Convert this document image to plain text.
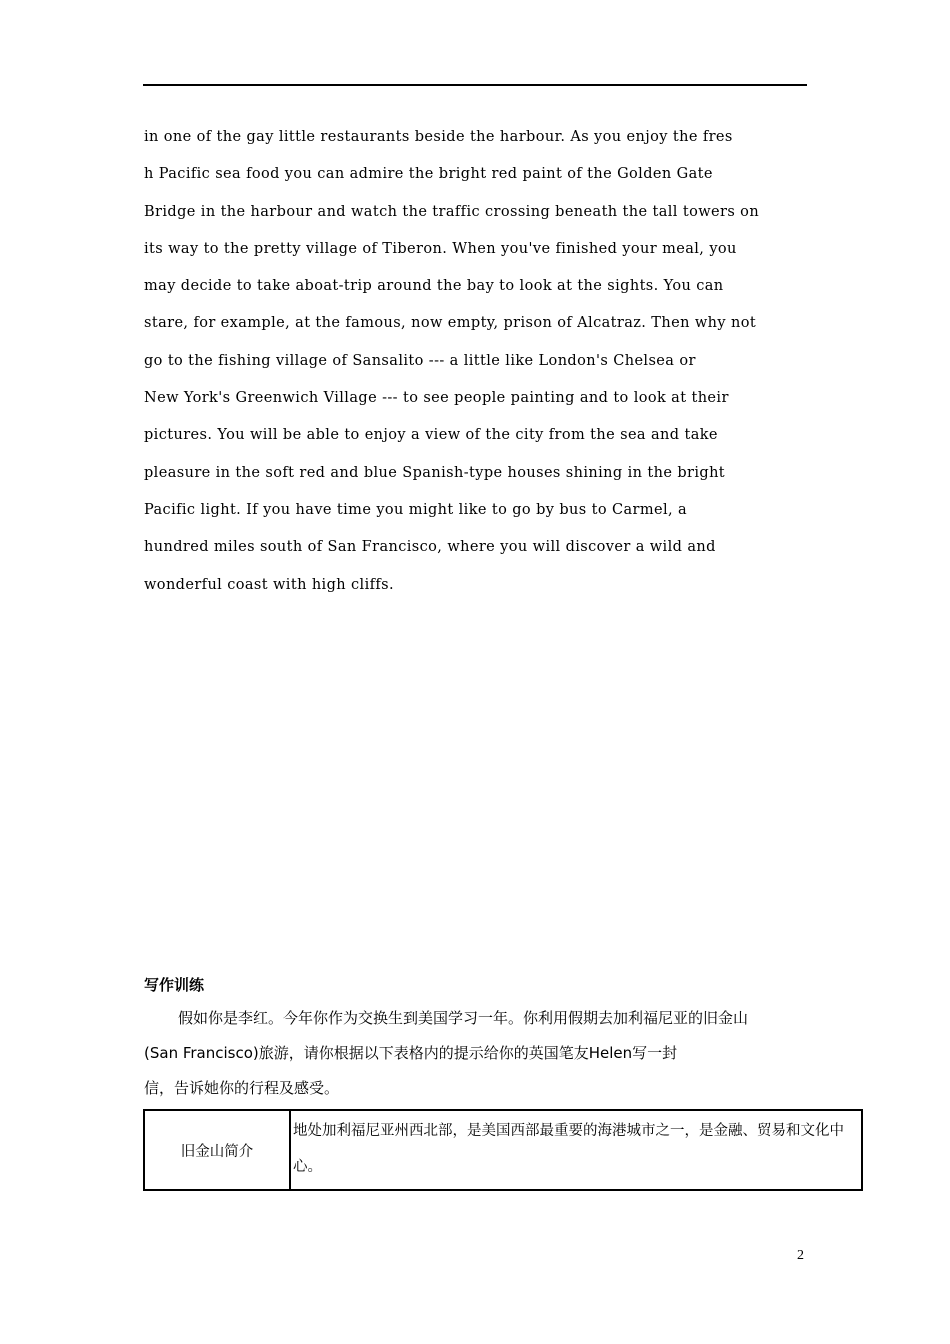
in one of the gay little restaurants beside the harbour. As you enjoy the fres
h Pacific sea food you can admire the bright red paint of the Golden Gate
Bridge in the harbour and watch the traffic crossing beneath the tall towers on
its way to the pretty village of Tiberon. When you've finished your meal, you
may decide to take aboat-trip around the bay to look at the sights. You can
stare, for example, at the famous, now empty, prison of Alcatraz. Then why not
go to the fishing village of Sansalito --- a little like London's Chelsea or
New York's Greenwich Village --- to see people painting and to look at their
pictures. You will be able to enjoy a view of the city from the sea and take
pleasure in the soft red and blue Spanish-type houses shining in the bright
Pacific light. If you have time you might like to go by bus to Carmel, a
hundred miles south of San Francisco, where you will discover a wild and
wonderful coast with high cliffs.
写作训练
假如你是李红。今年你作为交换生到美国学习一年。你利用假期去加利福尼亚的旧金山
(San Francisco)旅游，请你根据以下表格内的提示给你的英国笔友Helen写一封
信，告诉她你的行程及感受。
旧金山简介	地处加利福尼亚州西北部，是美国西部最重要的海港城市之一，是金融、贸易和文化中心。
2
